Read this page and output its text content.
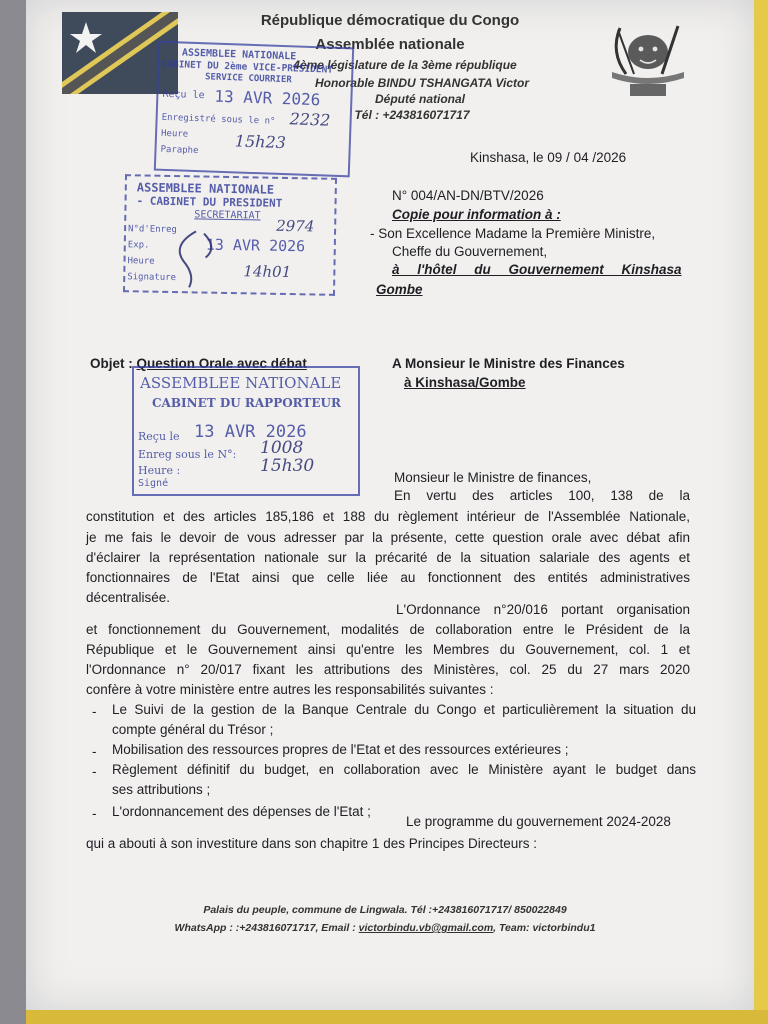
République démocratique du Congo
Assemblée nationale
4ème législature de la 3ème république
Honorable BINDU TSHANGATA Victor
Député national
Tél : +243816071717
Kinshasa, le 09 / 04 /2026
N° 004/AN-DN/BTV/2026
Copie pour information à :
- Son Excellence Madame la Première Ministre,
Cheffe du Gouvernement,
à l'hôtel du Gouvernement Kinshasa
Gombe
Objet : Question Orale avec débat	A Monsieur le Ministre des Finances
à Kinshasa/Gombe
Monsieur le Ministre de finances,
En vertu des articles 100, 138 de la
constitution et des articles 185,186 et 188 du règlement intérieur de l'Assemblée Nationale,
je me fais le devoir de vous adresser par la présente, cette question orale avec débat afin
d'éclairer la représentation nationale sur la précarité de la situation salariale des agents et
fonctionnaires de l'Etat ainsi que celle liée au fonctionnent des entités administratives
décentralisée.
L'Ordonnance n°20/016 portant organisation
et fonctionnement du Gouvernement, modalités de collaboration entre le Président de la
République et le Gouvernement ainsi qu'entre les Membres du Gouvernement, col. 1 et
l'Ordonnance n° 20/017 fixant les attributions des Ministères, col. 25 du 27 mars 2020
confère à votre ministère entre autres les responsabilités suivantes :
- Le Suivi de la gestion de la Banque Centrale du Congo et particulièrement la situation du
compte général du Trésor ;
- Mobilisation des ressources propres de l'Etat et des ressources extérieures ;
- Règlement définitif du budget, en collaboration avec le Ministère ayant le budget dans
ses attributions ;
- L'ordonnancement des dépenses de l'Etat ;
Le programme du gouvernement 2024-2028
qui a abouti à son investiture dans son chapitre 1 des Principes Directeurs :
Palais du peuple, commune de Lingwala. Tél :+243816071717/ 850022849
WhatsApp : :+243816071717, Email : victorbindu.vb@gmail.com, Team: victorbindu1
ASSEMBLEE NATIONALE
CABINET DU 2ème VICE-PRESIDENT
SERVICE COURRIER
Reçu le 13 AVR 2026
Enregistré sous le n° 2232
Heure	15h23
Paraphe
ASSEMBLEE NATIONALE
- CABINET DU PRESIDENT
SECRETARIAT
N°d'Enreg	2974
Exp.	13 AVR 2026
Heure
14h01
Signature
ASSEMBLEE NATIONALE
CABINET DU RAPPORTEUR
Reçu le 13 AVR 2026
Enreg sous le N°: 1008
Heure :	15h30
Signé
